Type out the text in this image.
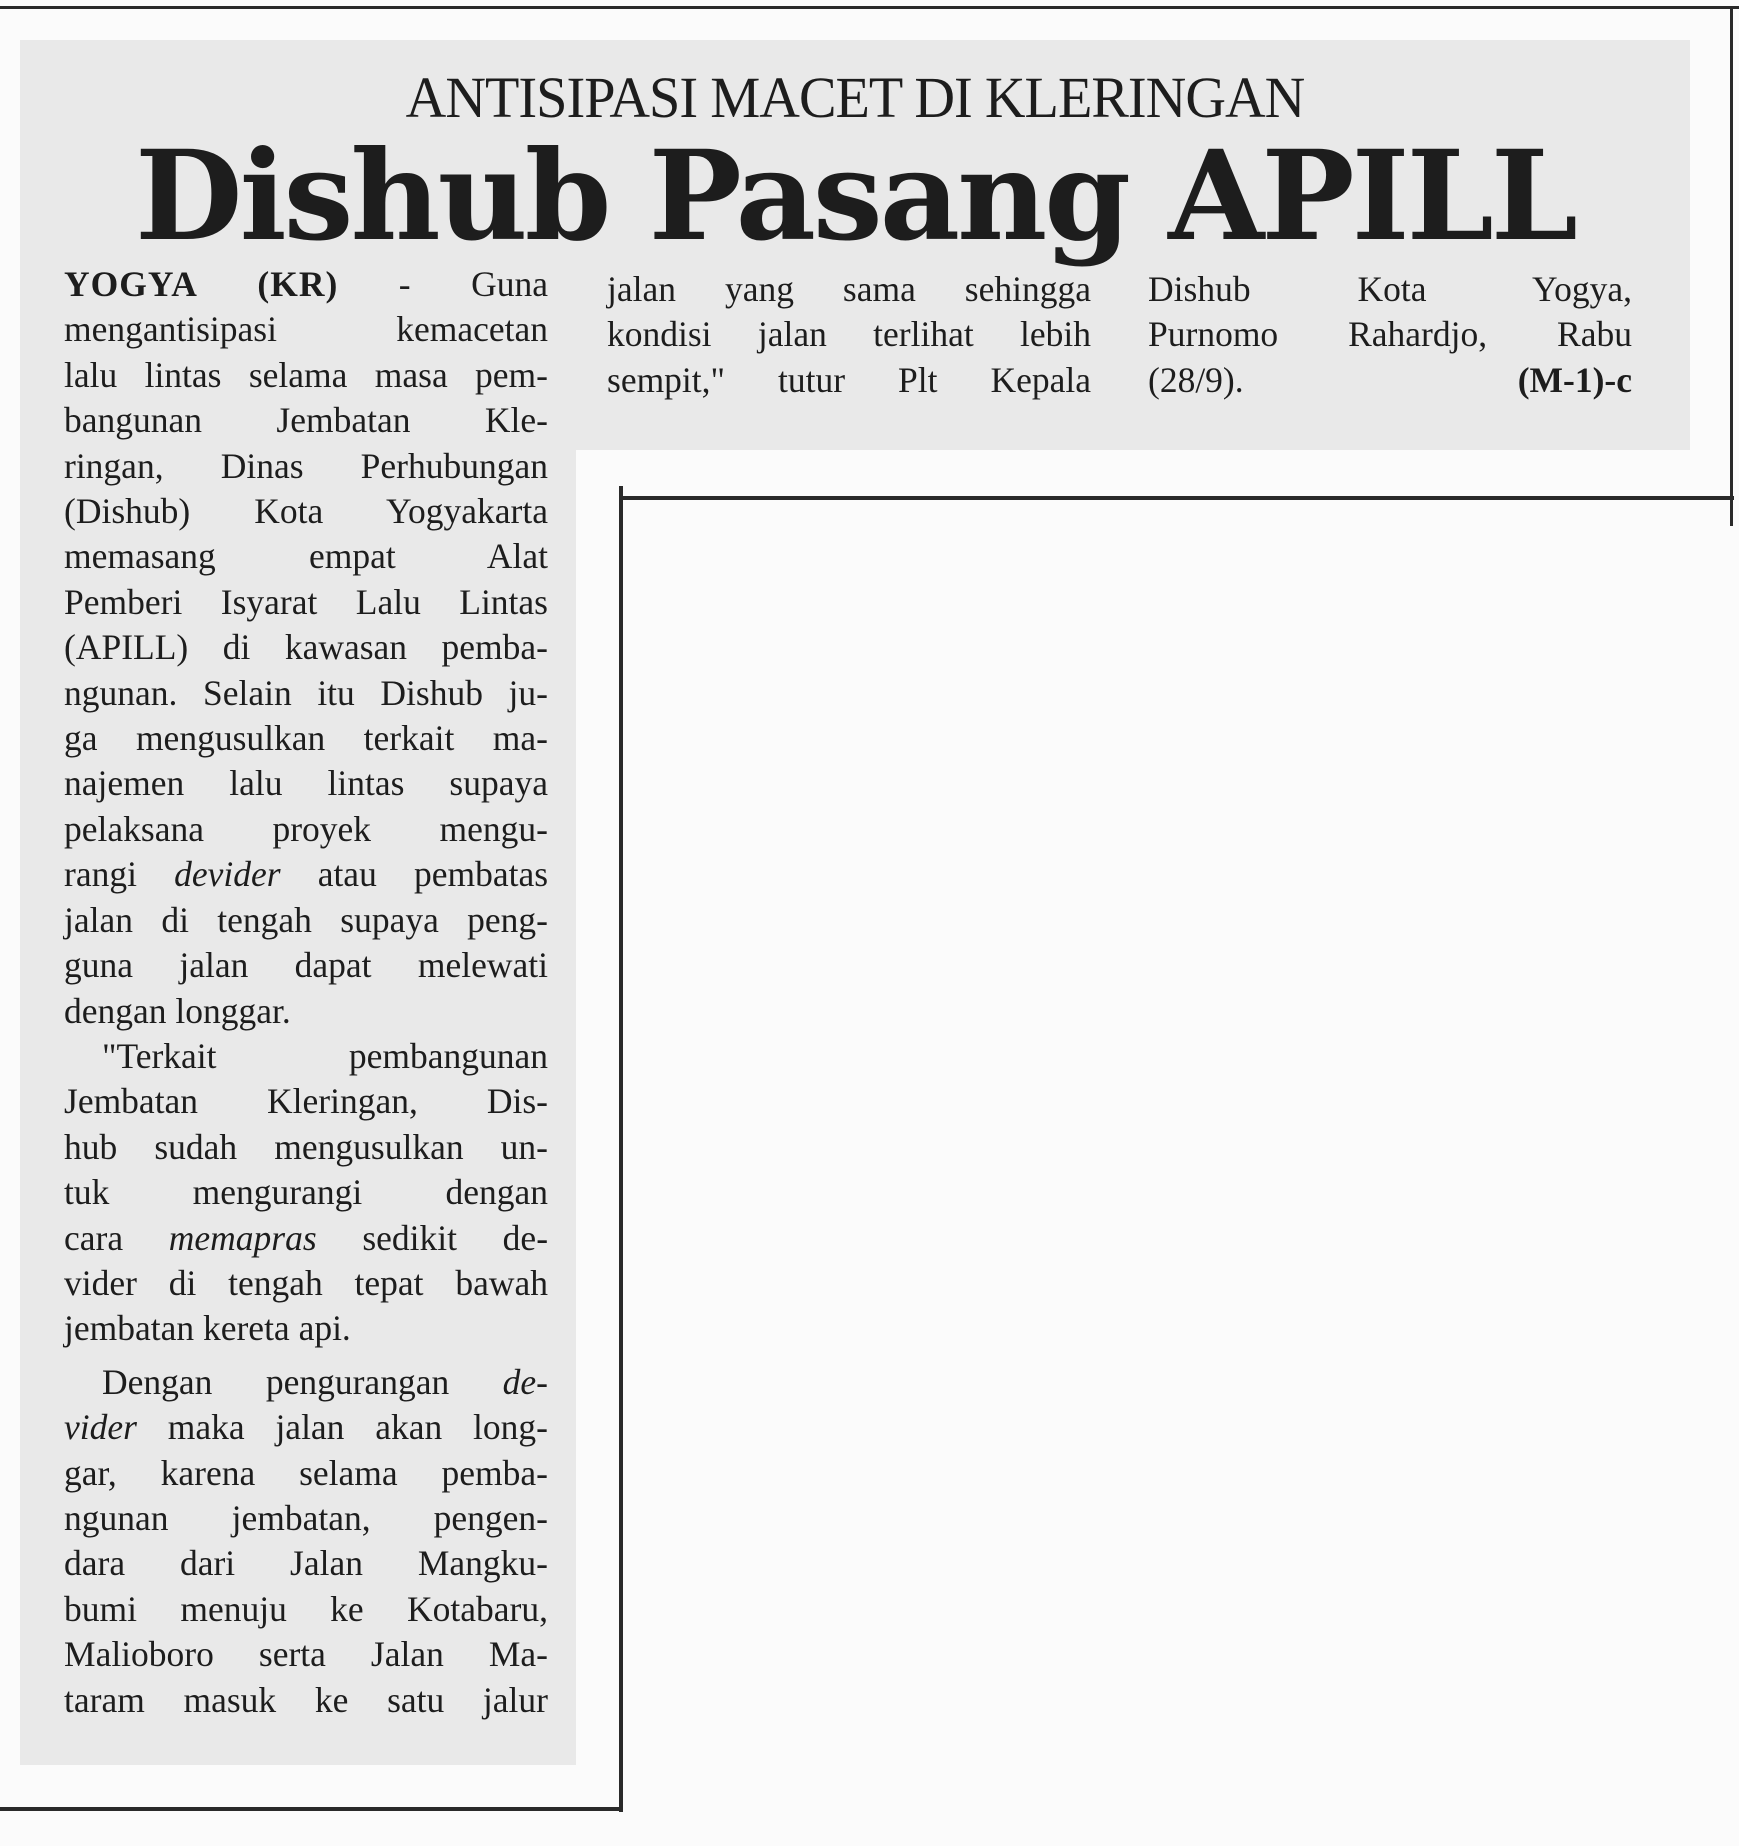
ANTISIPASI MACET DI KLERINGAN
Dishub Pasang APILL
YOGYA (KR) - Guna
mengantisipasi kemacetan
lalu lintas selama masa pem-
bangunan Jembatan Kle-
ringan, Dinas Perhubungan
(Dishub) Kota Yogyakarta
memasang empat Alat
Pemberi Isyarat Lalu Lintas
(APILL) di kawasan pemba-
ngunan. Selain itu Dishub ju-
ga mengusulkan terkait ma-
najemen lalu lintas supaya
pelaksana proyek mengu-
rangi devider atau pembatas
jalan di tengah supaya peng-
guna jalan dapat melewati
dengan longgar.
"Terkait pembangunan
Jembatan Kleringan, Dis-
hub sudah mengusulkan un-
tuk mengurangi dengan
cara memapras sedikit de-
vider di tengah tepat bawah
jembatan kereta api.
Dengan pengurangan de-
vider maka jalan akan long-
gar, karena selama pemba-
ngunan jembatan, pengen-
dara dari Jalan Mangku-
bumi menuju ke Kotabaru,
Malioboro serta Jalan Ma-
taram masuk ke satu jalur
jalan yang sama sehingga
kondisi jalan terlihat lebih
sempit," tutur Plt Kepala
Dishub Kota Yogya,
Purnomo Rahardjo, Rabu
(28/9).	(M-1)-c
